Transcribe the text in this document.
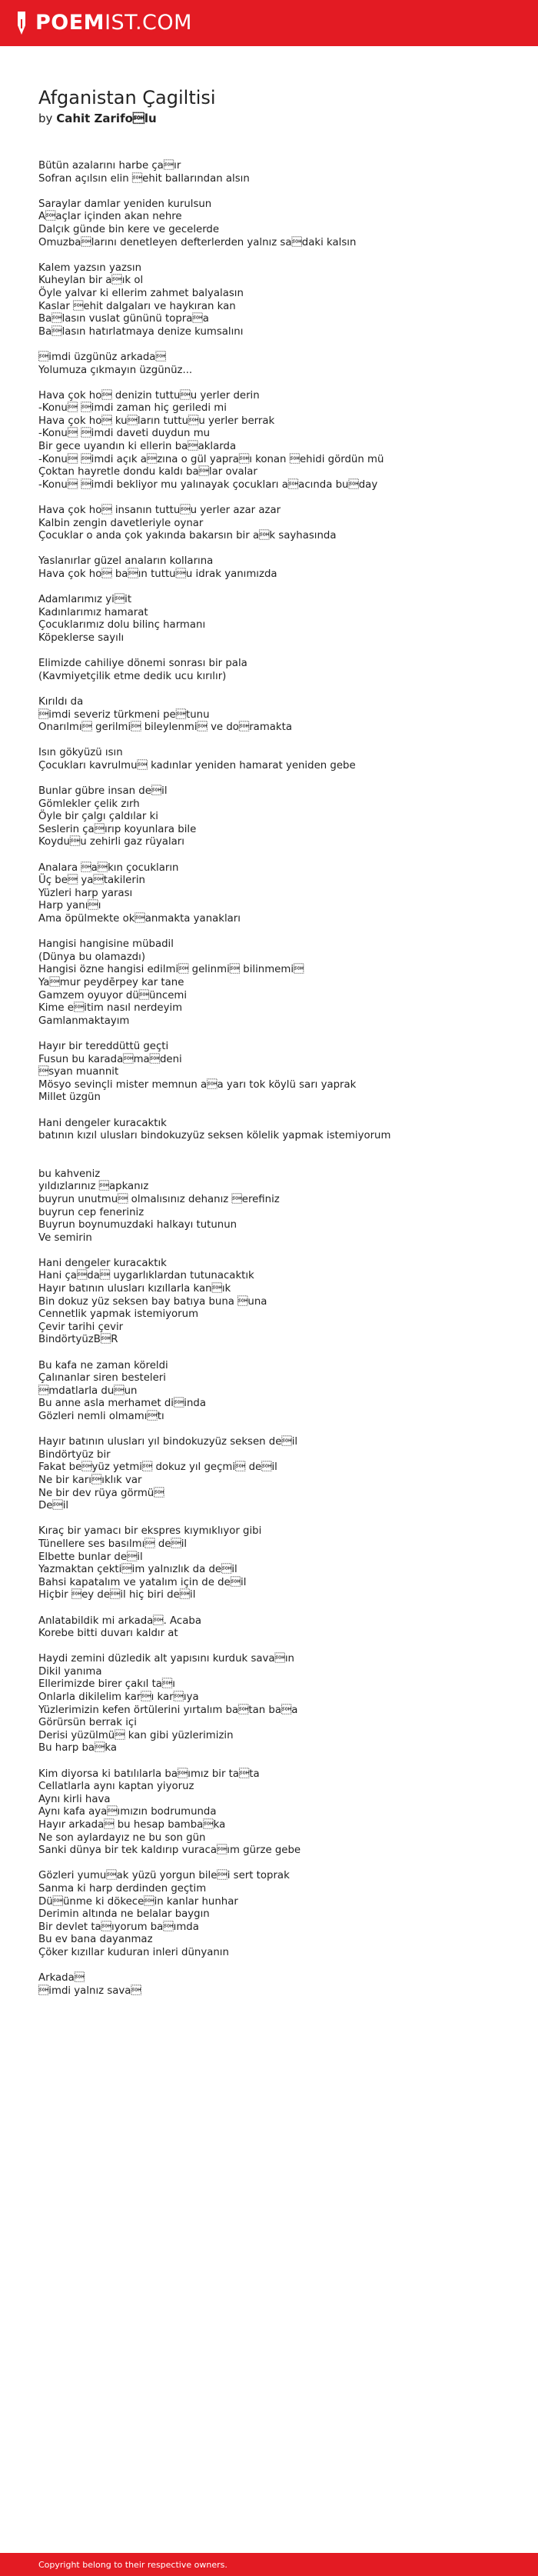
POEMIST.COM
Afganistan Çagiltisi
by Cahit Zarifolu
Bütün azalarını harbe çaır
Sofran açılsın elin ehit ballarından alsın
Saraylar damlar yeniden kurulsun
Aaçlar içinden akan nehre
Dalçık günde bin kere ve gecelerde
Omuzbalarını denetleyen defterlerden yalnız sadaki kalsın
Kalem yazsın yazsın
Kuheylan bir aık ol
Öyle yalvar ki ellerim zahmet balyalasın
Kaslar ehit dalgaları ve haykıran kan
Balasın vuslat gününü topraa
Balasın hatırlatmaya denize kumsalını
imdi üzgünüz arkada
Yolumuza çıkmayın üzgünüz...
Hava çok ho denizin tuttuu yerler derin
-Konu imdi zaman hiç geriledi mi
Hava çok ho kuların tuttuu yerler berrak
-Konu imdi daveti duydun mu
Bir gece uyandın ki ellerin baaklarda
-Konu imdi açık azına o gül yapraı konan ehidi gördün mü
Çoktan hayretle dondu kaldı balar ovalar
-Konu imdi bekliyor mu yalınayak çocukları aacında buday
Hava çok ho insanın tuttuu yerler azar azar
Kalbin zengin davetleriyle oynar
Çocuklar o anda çok yakında bakarsın bir ak sayhasında
Yaslanırlar güzel anaların kollarına
Hava çok ho baın tuttuu idrak yanımızda
Adamlarımız yiit
Kadınlarımız hamarat
Çocuklarımız dolu bilinç harmanı
Köpeklerse sayılı
Elimizde cahiliye dönemi sonrası bir pala
(Kavmiyetçilik etme dedik ucu kırılır)
Kırıldı da
imdi severiz türkmeni petunu
Onarılmı gerilmi bileylenmi ve doramakta
Isın gökyüzü ısın
Çocukları kavrulmu kadınlar yeniden hamarat yeniden gebe
Bunlar gübre insan deil
Gömlekler çelik zırh
Öyle bir çalgı çaldılar ki
Seslerin çaırıp koyunlara bile
Koyduu zehirli gaz rüyaları
Analara akın çocukların
Üç be yatakilerin
Yüzleri harp yarası
Harp yanıı
Ama öpülmekte okanmakta yanakları
Hangisi hangisine mübadil
(Dünya bu olamazdı)
Hangisi özne hangisi edilmi gelinmi bilinmemi
Yamur peydērpey kar tane
Gamzem oyuyor düüncemi
Kime eitim nasıl nerdeyim
Gamlanmaktayım
Hayır bir tereddüttü geçti
Fusun bu karadamadeni
syan muannit
Mösyo sevinçli mister memnun aa yarı tok köylü sarı yaprak
Millet üzgün
Hani dengeler kuracaktık
batının kızıl ulusları bindokuzyüz seksen kölelik yapmak istemiyorum
bu kahveniz
yıldızlarınız apkanız
buyrun unutmu olmalısınız dehanız erefiniz
buyrun cep feneriniz
Buyrun boynumuzdaki halkayı tutunun
Ve semirin
Hani dengeler kuracaktık
Hani çada uygarlıklardan tutunacaktık
Hayır batının ulusları kızıllarla kanık
Bin dokuz yüz seksen bay batıya buna una
Cennetlik yapmak istemiyorum
Çevir tarihi çevir
BindörtyüzBR
Bu kafa ne zaman köreldi
Çalınanlar siren besteleri
mdatlarla duun
Bu anne asla merhamet diinda
Gözleri nemli olmamıtı
Hayır batının ulusları yıl bindokuzyüz seksen deil
Bindörtyüz bir
Fakat beyüz yetmi dokuz yıl geçmi deil
Ne bir karııklık var
Ne bir dev rüya görmü
Deil
Kıraç bir yamacı bir ekspres kıymıklıyor gibi
Tünellere ses basılmı deil
Elbette bunlar deil
Yazmaktan çektiim yalnızlık da deil
Bahsi kapatalım ve yatalım için de deil
Hiçbir ey deil hiç biri deil
Anlatabildik mi arkada. Acaba
Korebe bitti duvarı kaldır at
Haydi zemini düzledik alt yapısını kurduk savaın
Dikil yanıma
Ellerimizde birer çakıl taı
Onlarla dikilelim karı karıya
Yüzlerimizin kefen örtülerini yırtalım batan baa
Görürsün berrak içi
Derisi yüzülmü kan gibi yüzlerimizin
Bu harp baka
Kim diyorsa ki batılılarla baımız bir tata
Cellatlarla aynı kaptan yiyoruz
Aynı kirli hava
Aynı kafa ayaımızın bodrumunda
Hayır arkada bu hesap bambaka
Ne son aylardayız ne bu son gün
Sanki dünya bir tek kaldırıp vuracaım gürze gebe
Gözleri yumuak yüzü yorgun bilei sert toprak
Sanma ki harp derdinden geçtim
Düünme ki dökecein kanlar hunhar
Derimin altında ne belalar baygın
Bir devlet taıyorum baımda
Bu ev bana dayanmaz
Çöker kızıllar kuduran inleri dünyanın
Arkada
imdi yalnız sava
Copyright belong to their respective owners.
